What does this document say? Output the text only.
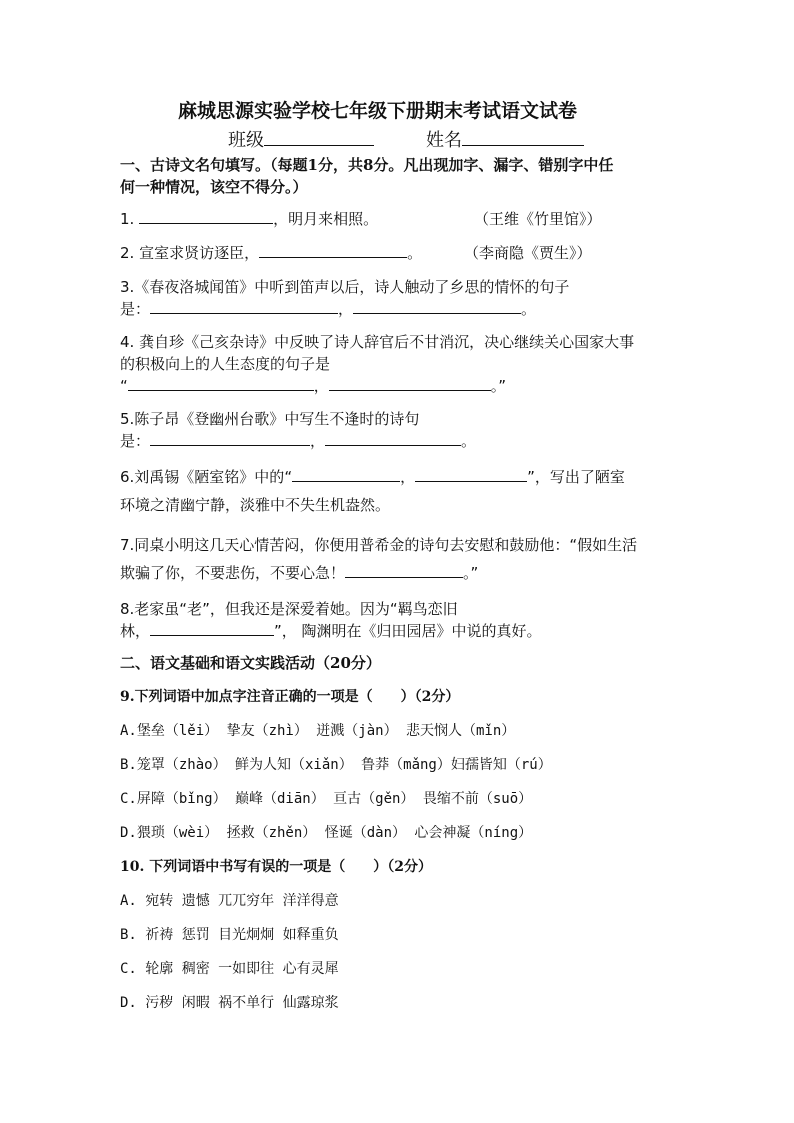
麻城思源实验学校七年级下册期末考试语文试卷
班级	姓名
一、古诗文名句填写。（每题1分，共8分。凡出现加字、漏字、错别字中任
何一种情况，该空不得分。）
1.	，明月来相照。	（王维《竹里馆》）
2. 宣室求贤访逐臣，	。	（李商隐《贾生》）
3.《春夜洛城闻笛》中听到笛声以后，诗人触动了乡思的情怀的句子
是：	，	。
4. 龚自珍《己亥杂诗》中反映了诗人辞官后不甘消沉，决心继续关心国家大事
的积极向上的人生态度的句子是
“	，	。”
5.陈子昂《登幽州台歌》中写生不逢时的诗句
是：	，	。
6.刘禹锡《陋室铭》中的“	，	”，写出了陋室
环境之清幽宁静，淡雅中不失生机盎然。
7.同桌小明这几天心情苦闷，你便用普希金的诗句去安慰和鼓励他：“假如生活
欺骗了你，不要悲伤，不要心急！	。”
8.老家虽“老”，但我还是深爱着她。因为“羁鸟恋旧
林，	”， 陶渊明在《归田园居》中说的真好。
二、语文基础和语文实践活动（20分）
9.下列词语中加点字注音正确的一项是（　　）（2分）
A.堡垒（lěi） 挚友（zhì） 迸溅（jàn） 悲天悯人（mǐn）
B.笼罩（zhào） 鲜为人知（xiǎn） 鲁莽（mǎng）妇孺皆知（rú）
C.屏障（bǐng） 巅峰（diān） 亘古（gěn） 畏缩不前（suō）
D.猥琐（wèi） 拯救（zhěn） 怪诞（dàn） 心会神凝（níng）
10. 下列词语中书写有误的一项是（　　）（2分）
A. 宛转 遗憾 兀兀穷年 洋洋得意
B. 祈祷 惩罚 目光炯炯 如释重负
C. 轮廓 稠密 一如即往 心有灵犀
D. 污秽 闲暇 祸不单行 仙露琼浆
